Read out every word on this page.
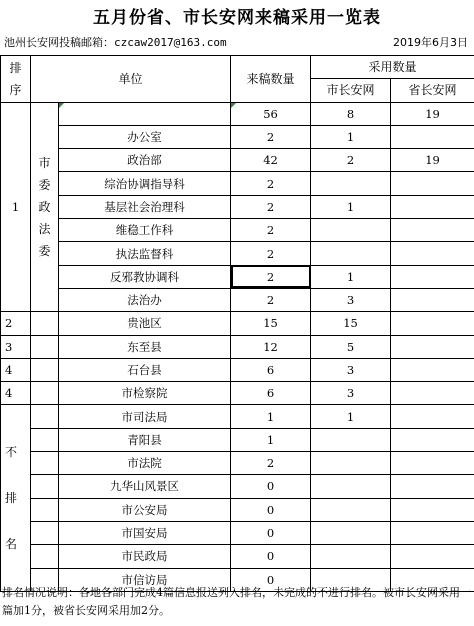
五月份省、市长安网来稿采用一览表
池州长安网投稿邮箱：czcaw2017@163.com	2019年6月3日
排序	单位		来稿数量	采用数量	
				市长安网	省长安网
1	市委政法委		56	8	19
		办公室	2	1	
		政治部	42	2	19
		综治协调指导科	2		
		基层社会治理科	2	1	
		维稳工作科	2		
		执法监督科	2		
		反邪教协调科	2	1	
		法治办	2	3	
2		贵池区	15	15	
3		东至县	12	5	
4		石台县	6	3	
4		市检察院	6	3	
不排名		市司法局	1	1	
		青阳县	1		
		市法院	2		
		九华山风景区	0		
		市公安局	0		
		市国安局	0		
		市民政局	0		
		市信访局	0		
排名情况说明：各地各部门完成4篇信息报送列入排名，未完成的不进行排名。被市长安网采用一篇加1分，被省长安网采用加2分。
